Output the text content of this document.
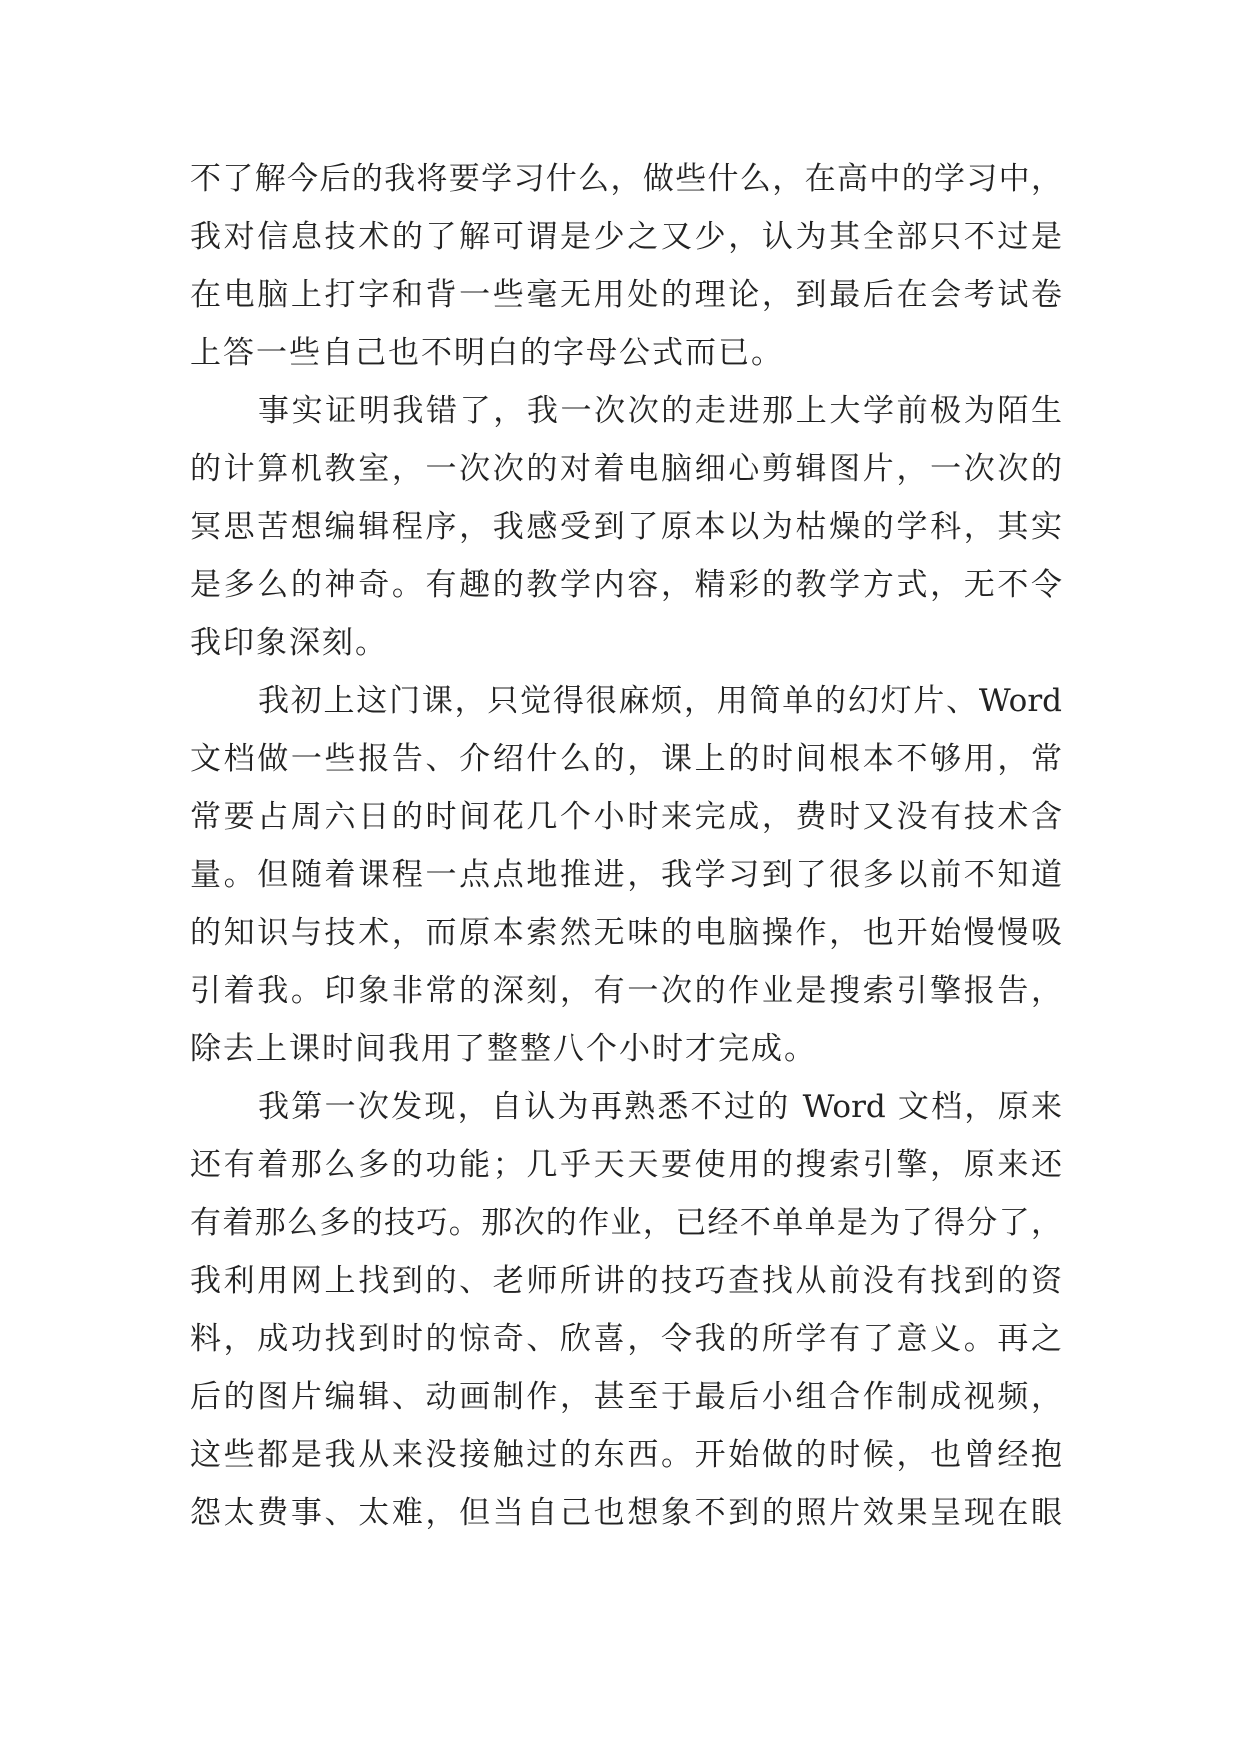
不了解今后的我将要学习什么，做些什么，在高中的学习中，
我对信息技术的了解可谓是少之又少，认为其全部只不过是
在电脑上打字和背一些毫无用处的理论，到最后在会考试卷
上答一些自己也不明白的字母公式而已。
事实证明我错了，我一次次的走进那上大学前极为陌生
的计算机教室，一次次的对着电脑细心剪辑图片，一次次的
冥思苦想编辑程序，我感受到了原本以为枯燥的学科，其实
是多么的神奇。有趣的教学内容，精彩的教学方式，无不令
我印象深刻。
我初上这门课，只觉得很麻烦，用简单的幻灯片、Word
文档做一些报告、介绍什么的，课上的时间根本不够用，常
常要占周六日的时间花几个小时来完成，费时又没有技术含
量。但随着课程一点点地推进，我学习到了很多以前不知道
的知识与技术，而原本索然无味的电脑操作，也开始慢慢吸
引着我。印象非常的深刻，有一次的作业是搜索引擎报告，
除去上课时间我用了整整八个小时才完成。
我第一次发现，自认为再熟悉不过的 Word 文档，原来
还有着那么多的功能；几乎天天要使用的搜索引擎，原来还
有着那么多的技巧。那次的作业，已经不单单是为了得分了，
我利用网上找到的、老师所讲的技巧查找从前没有找到的资
料，成功找到时的惊奇、欣喜，令我的所学有了意义。再之
后的图片编辑、动画制作，甚至于最后小组合作制成视频，
这些都是我从来没接触过的东西。开始做的时候，也曾经抱
怨太费事、太难，但当自己也想象不到的照片效果呈现在眼
